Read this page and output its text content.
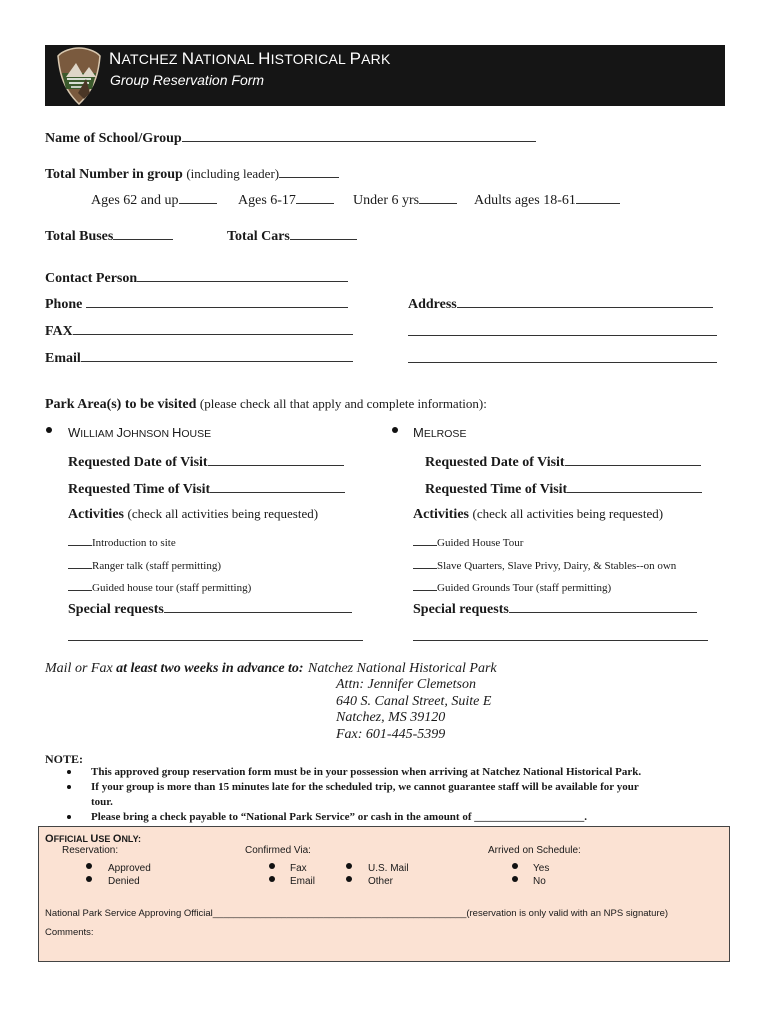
NATCHEZ NATIONAL HISTORICAL PARK
Group Reservation Form
Name of School/Group
Total Number in group (including leader)
Ages 62 and up	Ages 6-17	Under 6 yrs	Adults ages 18-61
Total Buses	Total Cars
Contact Person
Phone
FAX
Email
Address
Park Area(s) to be visited (please check all that apply and complete information):
WILLIAM JOHNSON HOUSE
Requested Date of Visit
Requested Time of Visit
Activities (check all activities being requested)
Introduction to site
Ranger talk (staff permitting)
Guided house tour (staff permitting)
Special requests
MELROSE
Requested Date of Visit
Requested Time of Visit
Activities (check all activities being requested)
Guided House Tour
Slave Quarters, Slave Privy, Dairy, & Stables--on own
Guided Grounds Tour (staff permitting)
Special requests
Mail or Fax at least two weeks in advance to: Natchez National Historical Park
Attn: Jennifer Clemetson
640 S. Canal Street, Suite E
Natchez, MS 39120
Fax: 601-445-5399
NOTE:
This approved group reservation form must be in your possession when arriving at Natchez National Historical Park.
If your group is more than 15 minutes late for the scheduled trip, we cannot guarantee staff will be available for your
tour.
Please bring a check payable to “National Park Service” or cash in the amount of ____________________.
OFFICIAL USE ONLY:
Reservation:
Approved
Denied
Confirmed Via:
Fax
Email
U.S. Mail
Other
Arrived on Schedule:
Yes
No
National Park Service Approving Official________________________________________________(reservation is only valid with an NPS signature)
Comments:
